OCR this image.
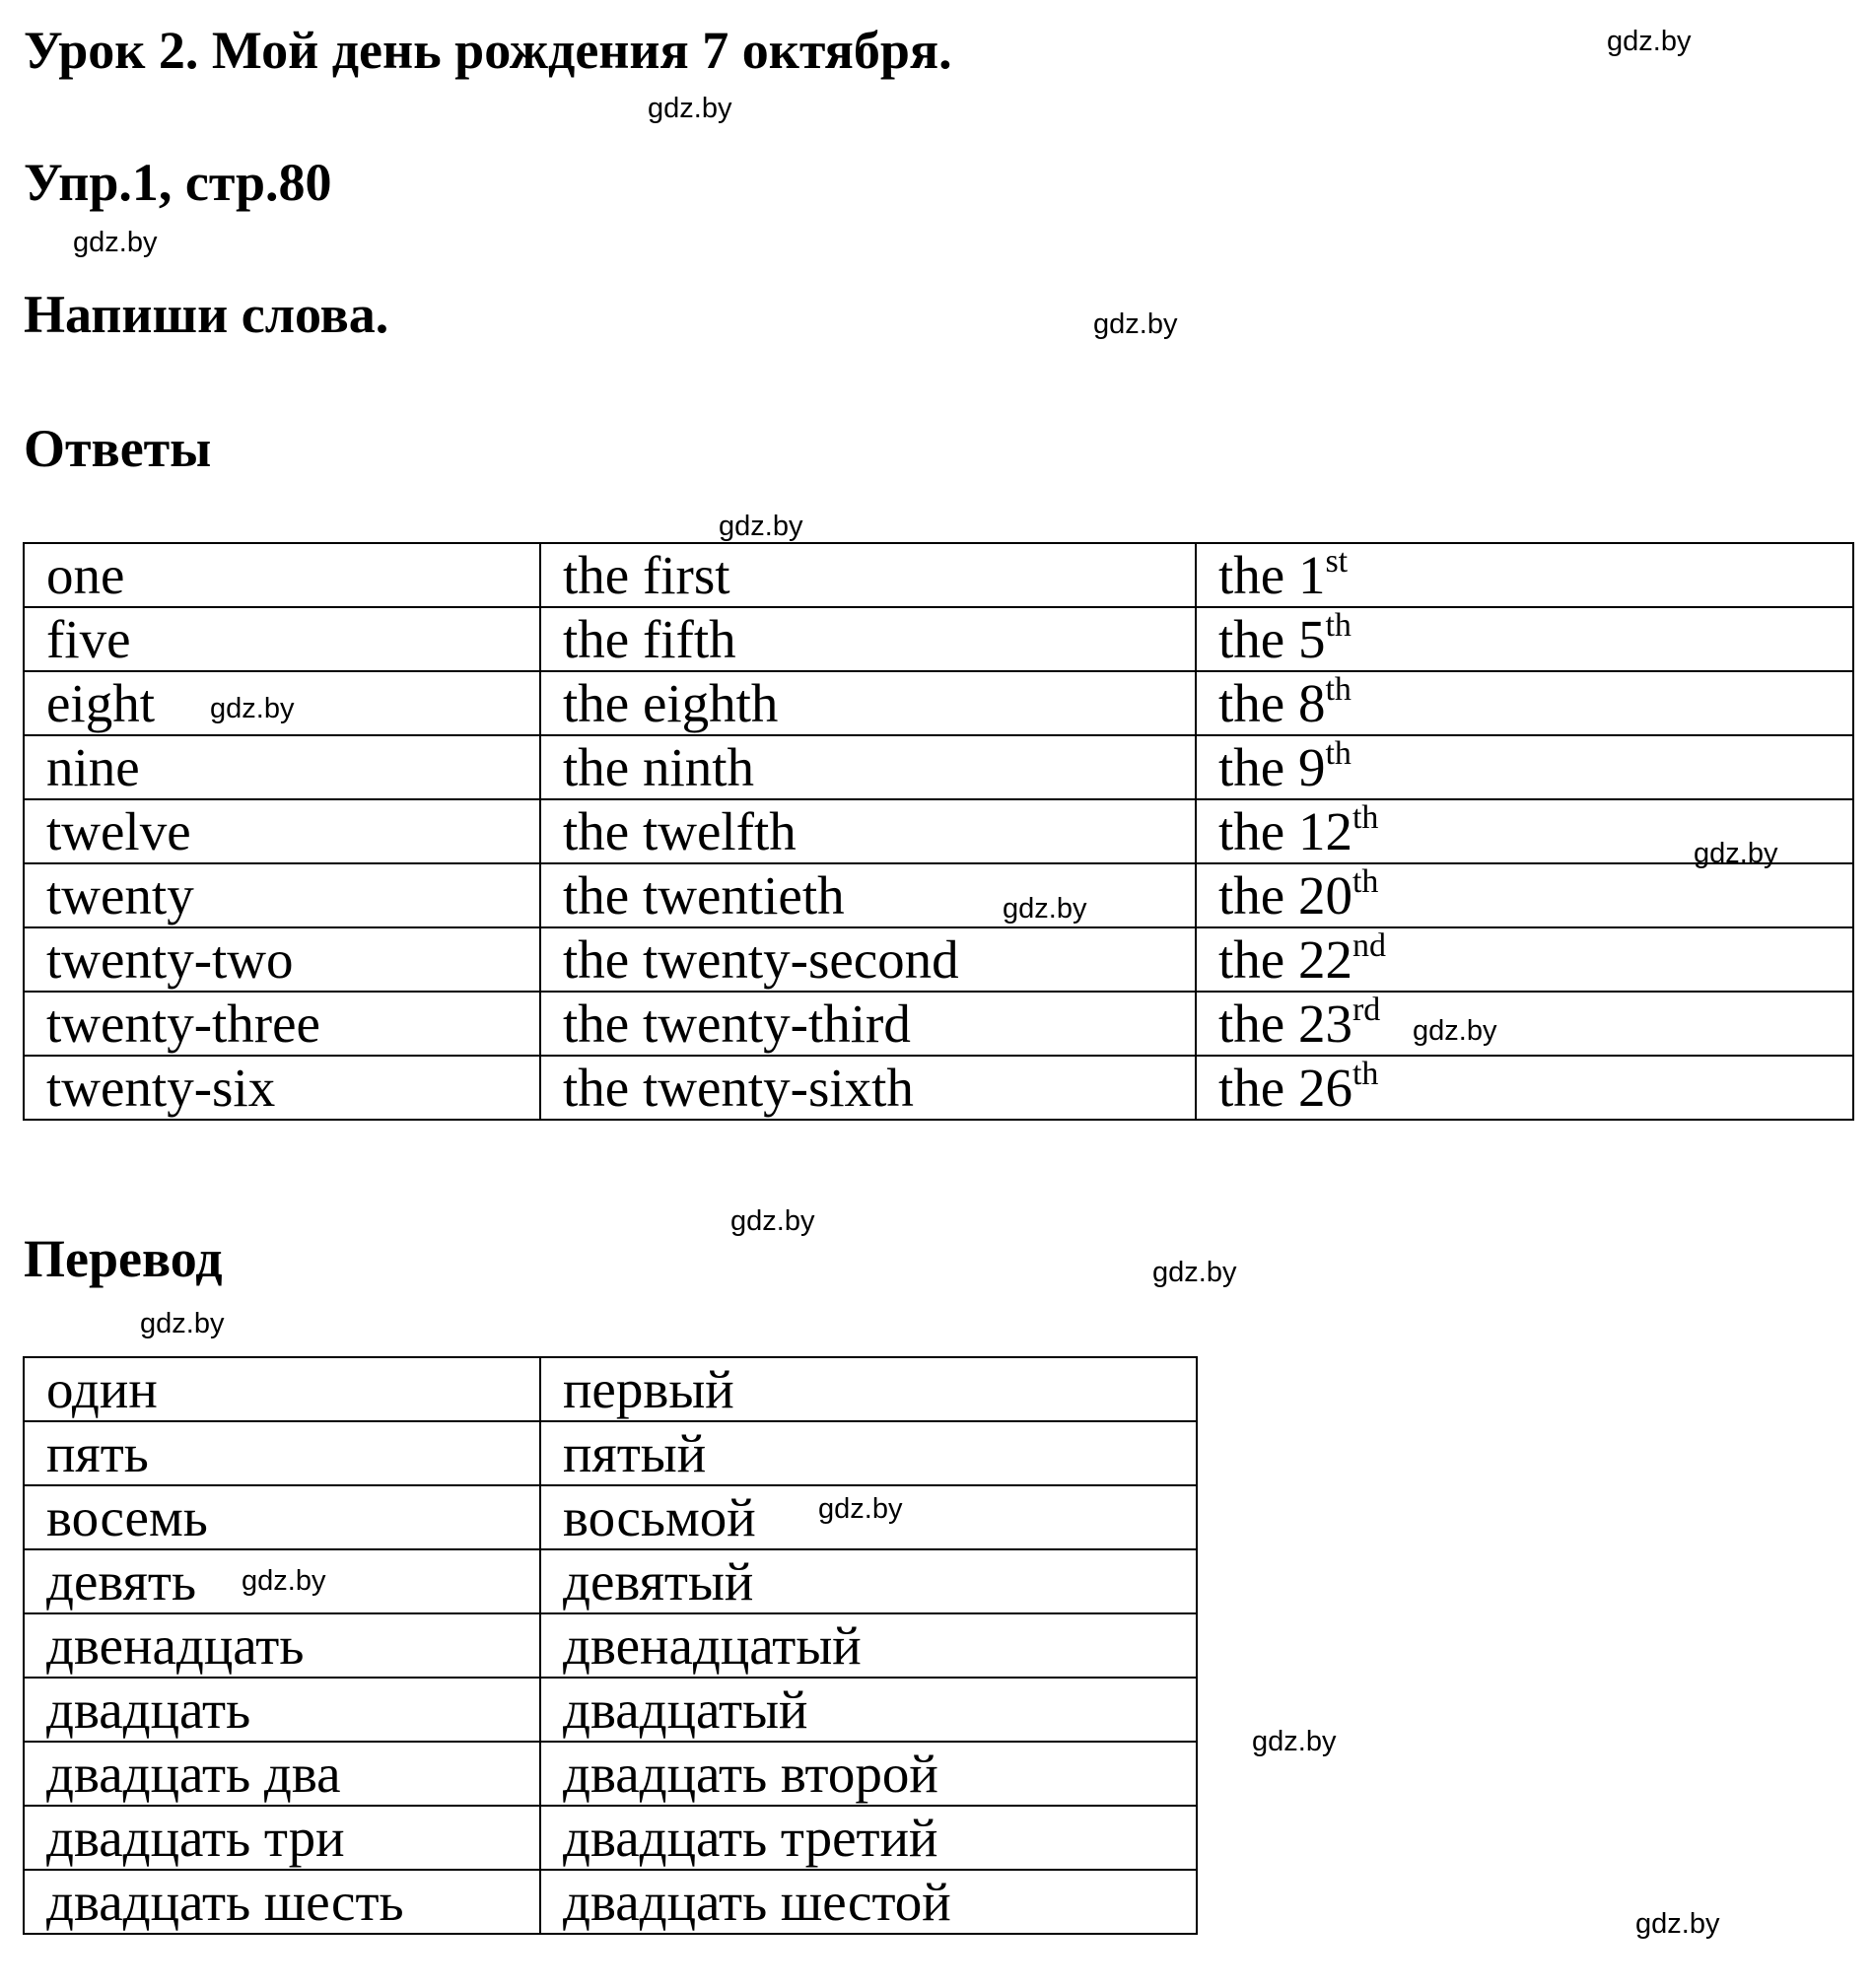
Урок 2. Мой день рождения 7 октября.
Упр.1, стр.80
Напиши слова.
Ответы
one	the first	the 1st
five	the fifth	the 5th
eight	the eighth	the 8th
nine	the ninth	the 9th
twelve	the twelfth	the 12th
twenty	the twentieth	the 20th
twenty-two	the twenty-second	the 22nd
twenty-three	the twenty-third	the 23rd
twenty-six	the twenty-sixth	the 26th
Перевод
один	первый
пять	пятый
восемь	восьмой
девять	девятый
двенадцать	двенадцатый
двадцать	двадцатый
двадцать два	двадцать второй
двадцать три	двадцать третий
двадцать шесть	двадцать шестой
gdz.by
gdz.by
gdz.by
gdz.by
gdz.by
gdz.by
gdz.by
gdz.by
gdz.by
gdz.by
gdz.by
gdz.by
gdz.by
gdz.by
gdz.by
gdz.by
